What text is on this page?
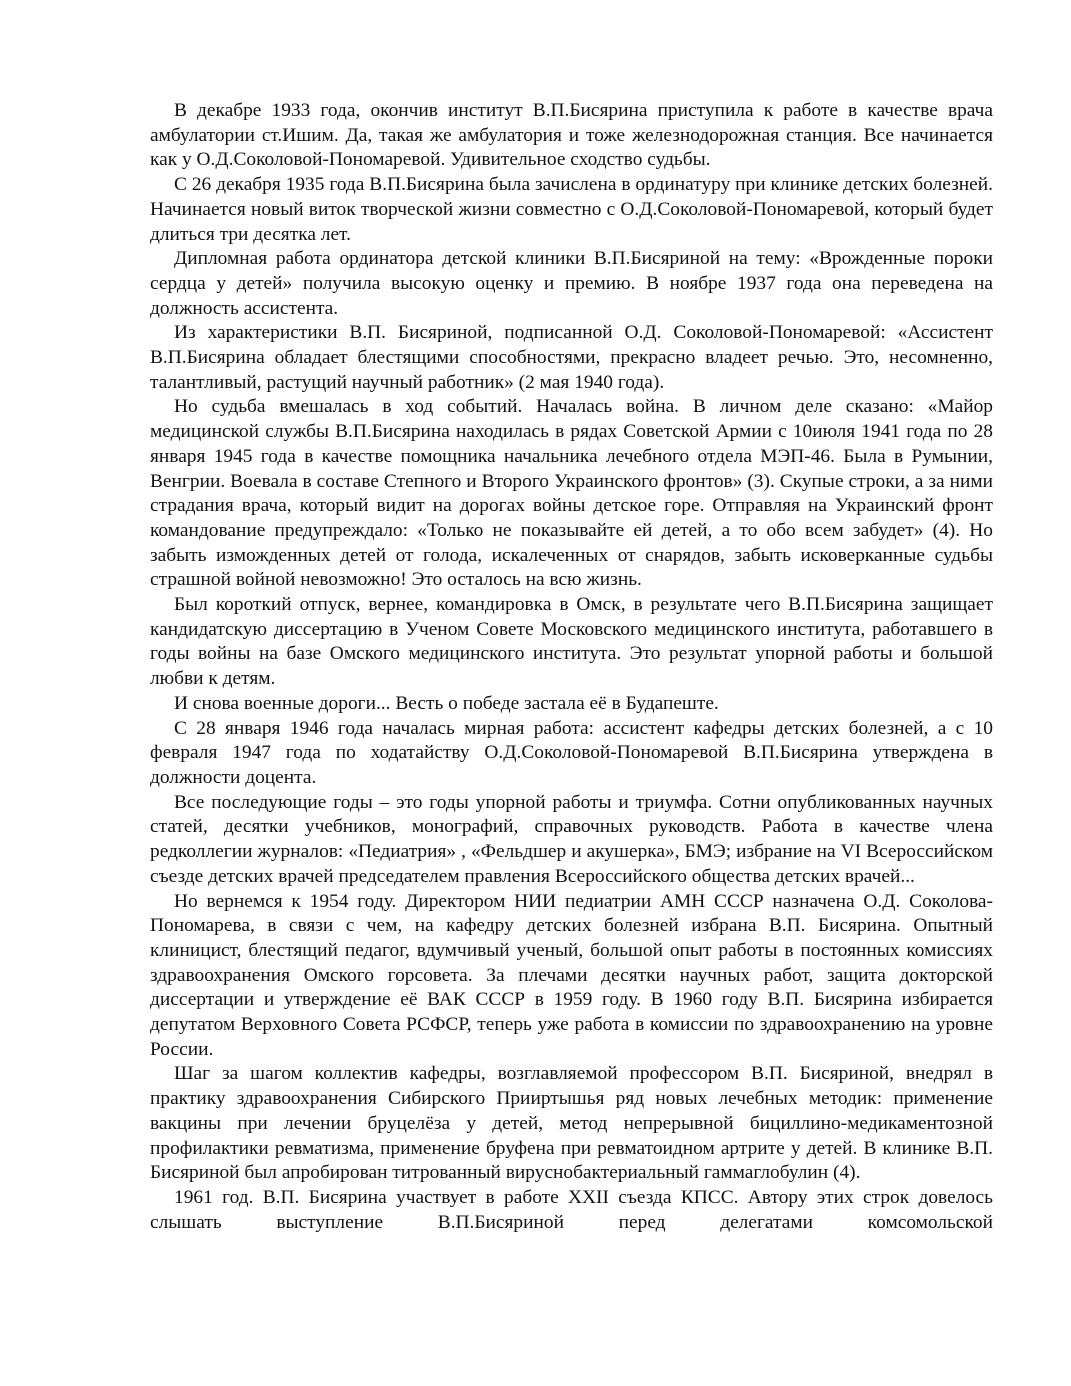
В декабре 1933 года, окончив институт В.П.Бисярина приступила к работе в качестве врача амбулатории ст.Ишим. Да, такая же амбулатория и тоже железнодорожная станция. Все начинается как у О.Д.Соколовой-Пономаревой. Удивительное сходство судьбы.

С 26 декабря 1935 года В.П.Бисярина была зачислена в ординатуру при клинике детских болезней. Начинается новый виток творческой жизни совместно с О.Д.Соколовой-Пономаревой, который будет длиться три десятка лет.

Дипломная работа ординатора детской клиники В.П.Бисяриной на тему: «Врожденные пороки сердца у детей» получила высокую оценку и премию. В ноябре 1937 года она переведена на должность ассистента.

Из характеристики В.П. Бисяриной, подписанной О.Д. Соколовой-Пономаревой: «Ассистент В.П.Бисярина обладает блестящими способностями, прекрасно владеет речью. Это, несомненно, талантливый, растущий научный работник» (2 мая 1940 года).

Но судьба вмешалась в ход событий. Началась война. В личном деле сказано: «Майор медицинской службы В.П.Бисярина находилась в рядах Советской Армии с 10июля 1941 года по 28 января 1945 года в качестве помощника начальника лечебного отдела МЭП-46. Была в Румынии, Венгрии. Воевала в составе Степного и Второго Украинского фронтов» (3). Скупые строки, а за ними страдания врача, который видит на дорогах войны детское горе. Отправляя на Украинский фронт командование предупреждало: «Только не показывайте ей детей, а то обо всем забудет» (4). Но забыть изможденных детей от голода, искалеченных от снарядов, забыть исковерканные судьбы страшной войной невозможно! Это осталось на всю жизнь.

Был короткий отпуск, вернее, командировка в Омск, в результате чего В.П.Бисярина защищает кандидатскую диссертацию в Ученом Совете Московского медицинского института, работавшего в годы войны на базе Омского медицинского института. Это результат упорной работы и большой любви к детям.

И снова военные дороги... Весть о победе застала её в Будапеште.

С 28 января 1946 года началась мирная работа: ассистент кафедры детских болезней, а с 10 февраля 1947 года по ходатайству О.Д.Соколовой-Пономаревой В.П.Бисярина утверждена в должности доцента.

Все последующие годы – это годы упорной работы и триумфа. Сотни опубликованных научных статей, десятки учебников, монографий, справочных руководств. Работа в качестве члена редколлегии журналов: «Педиатрия» , «Фельдшер и акушерка», БМЭ; избрание на VI Всероссийском съезде детских врачей председателем правления Всероссийского общества детских врачей...

Но вернемся к 1954 году. Директором НИИ педиатрии АМН СССР назначена О.Д. Соколова-Пономарева, в связи с чем, на кафедру детских болезней избрана В.П. Бисярина. Опытный клиницист, блестящий педагог, вдумчивый ученый, большой опыт работы в постоянных комиссиях здравоохранения Омского горсовета. За плечами десятки научных работ, защита докторской диссертации и утверждение её ВАК СССР в 1959 году. В 1960 году В.П. Бисярина избирается депутатом Верховного Совета РСФСР, теперь уже работа в комиссии по здравоохранению на уровне России.

Шаг за шагом коллектив кафедры, возглавляемой профессором В.П. Бисяриной, внедрял в практику здравоохранения Сибирского Прииртышья ряд новых лечебных методик: применение вакцины при лечении бруцелёза у детей, метод непрерывной бициллино-медикаментозной профилактики ревматизма, применение бруфена при ревматоидном артрите у детей. В клинике В.П. Бисяриной был апробирован титрованный вируснобактериальный гаммаглобулин (4).

1961 год. В.П. Бисярина участвует в работе XXII съезда КПСС. Автору этих строк довелось слышать выступление В.П.Бисяриной перед делегатами комсомольской
